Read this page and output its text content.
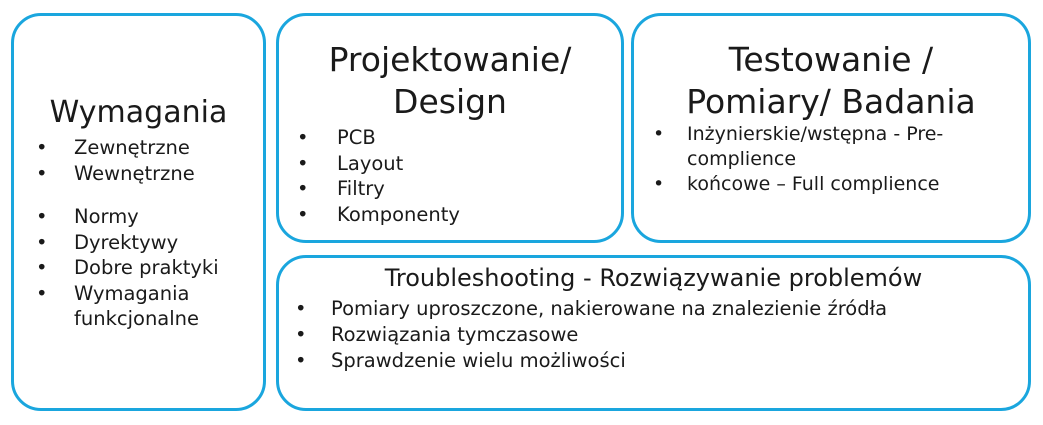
Wymagania
• Zewnętrzne
• Wewnętrzne
• Normy
• Dyrektywy
• Dobre praktyki
• Wymagania funkcjonalne
Projektowanie/
Design
• PCB
• Layout
• Filtry
• Komponenty
Testowanie /
Pomiary/ Badania
• Inżynierskie/wstępna - Pre-complience
• końcowe – Full complience
Troubleshooting - Rozwiązywanie problemów
• Pomiary uproszczone, nakierowane na znalezienie źródła
• Rozwiązania tymczasowe
• Sprawdzenie wielu możliwości
